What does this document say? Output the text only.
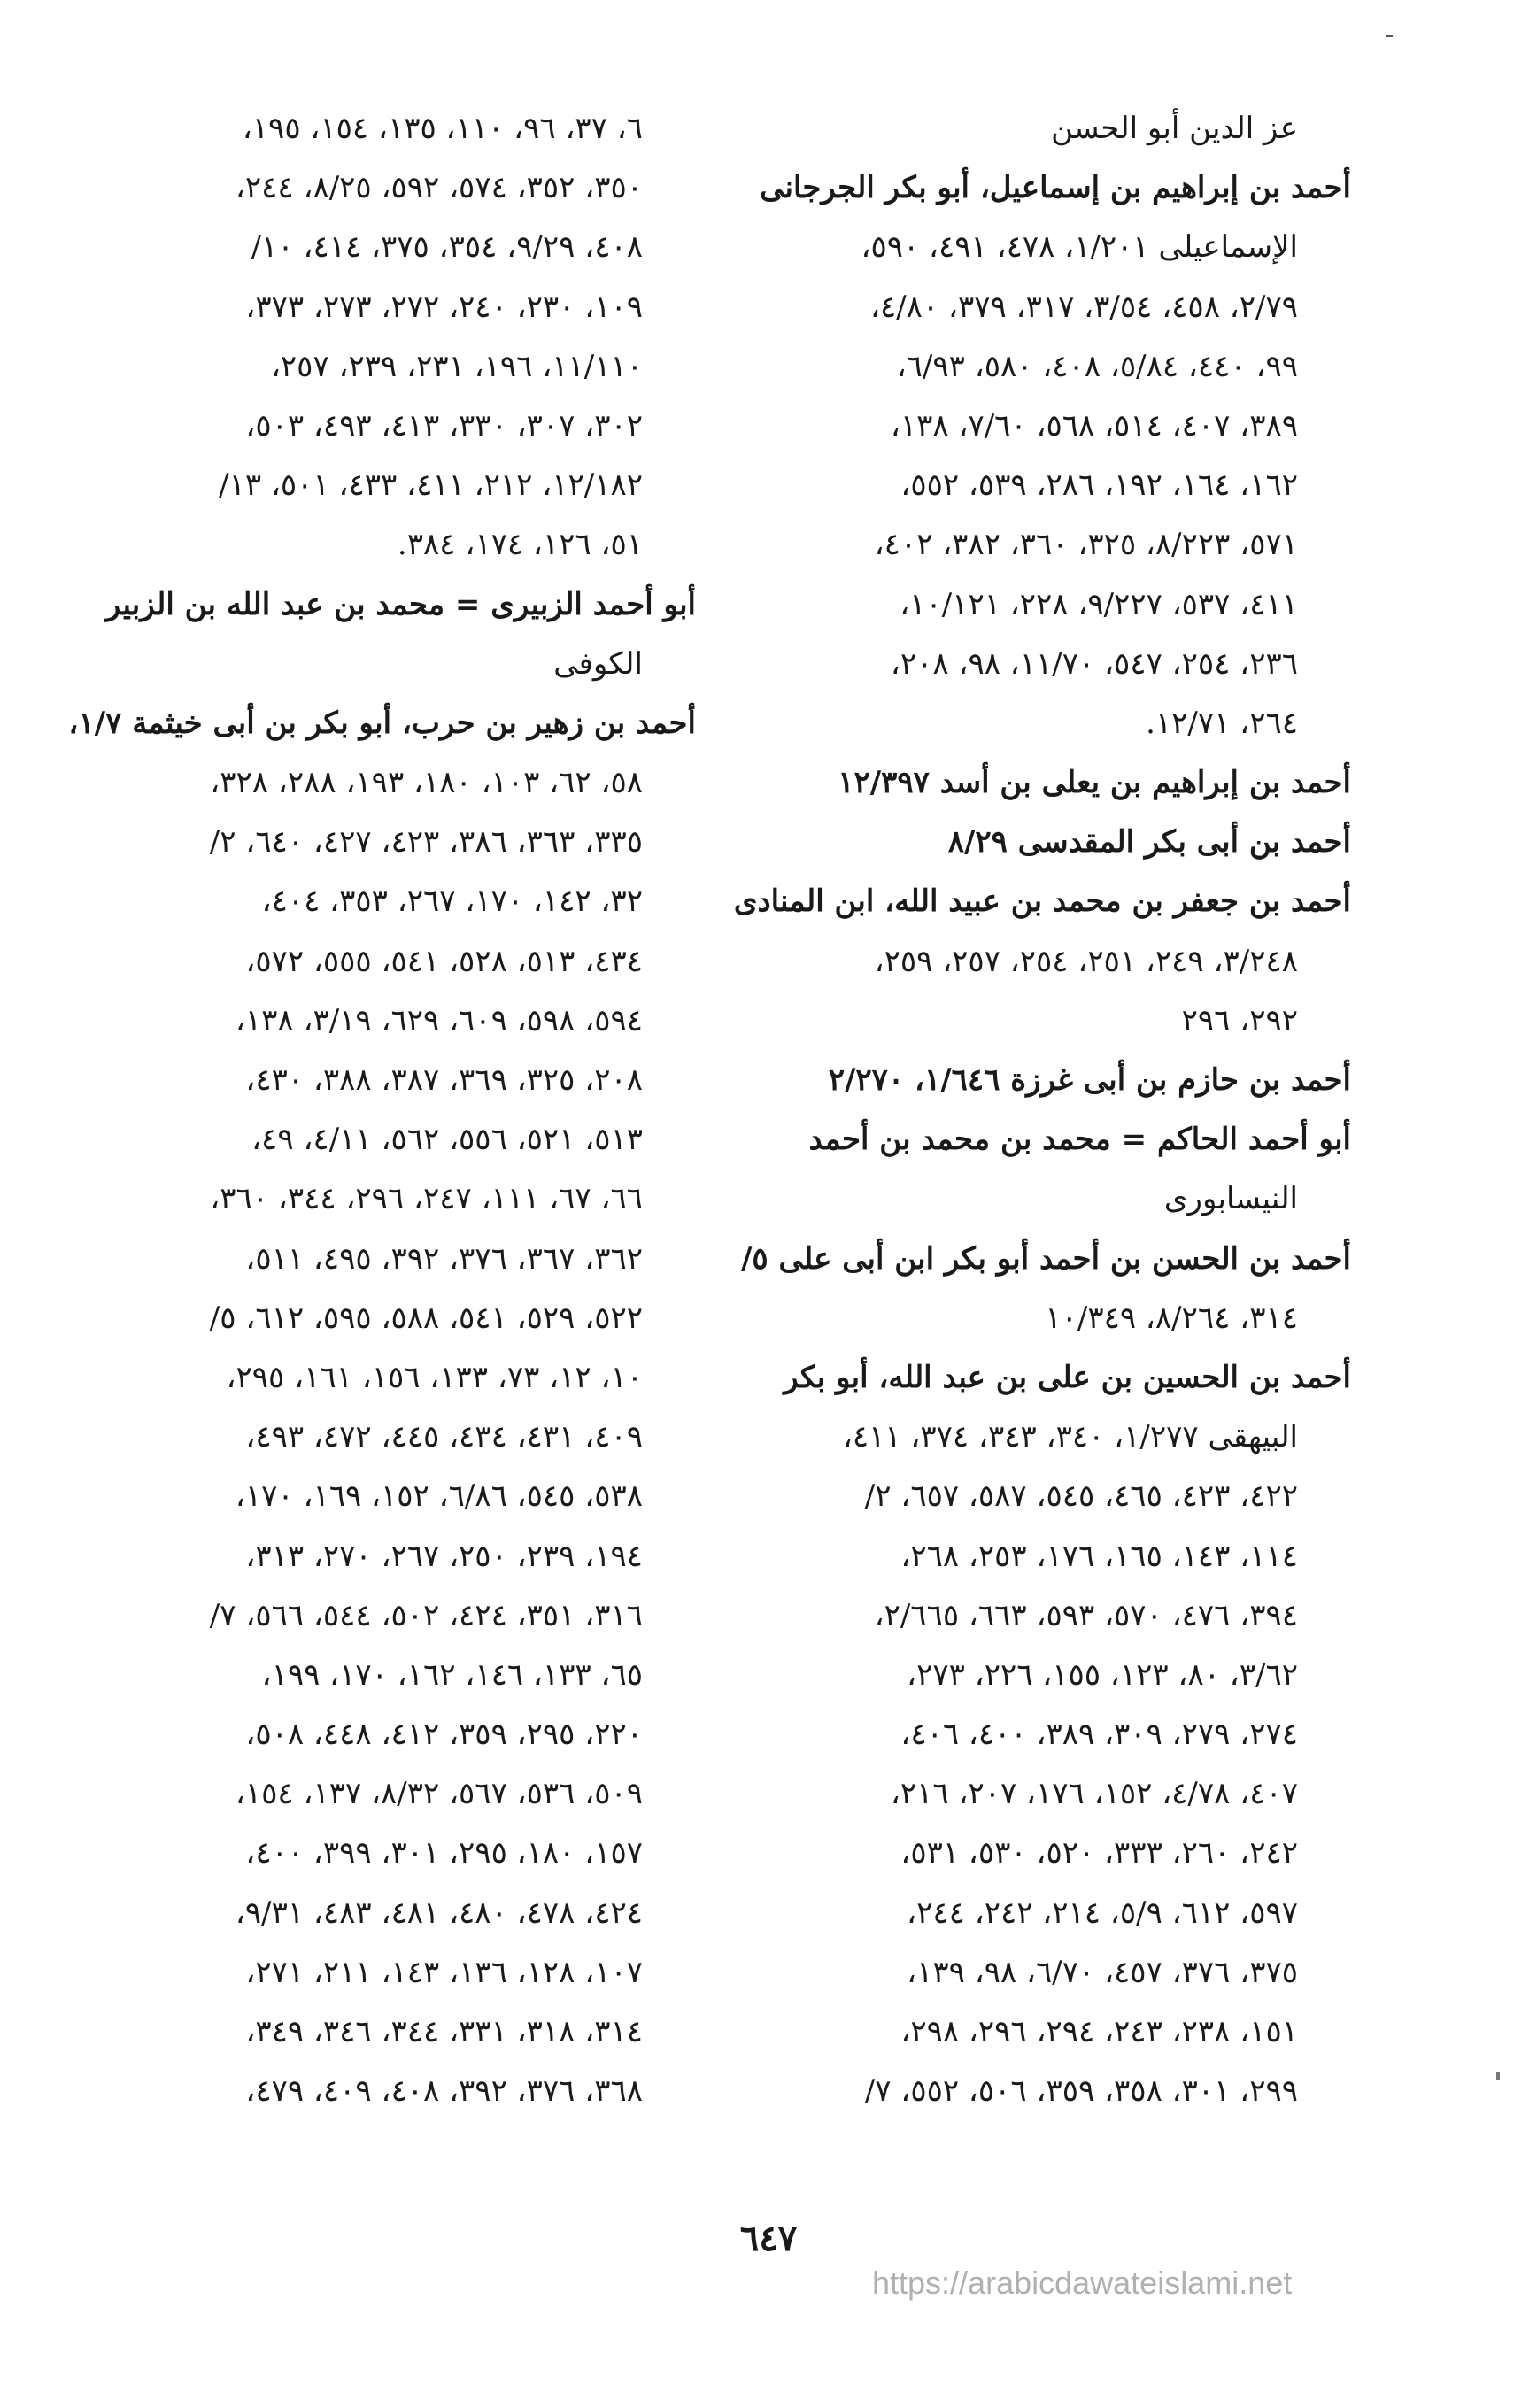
عز الدين أبو الحسن
أحمد بن إبراهيم بن إسماعيل، أبو بكر الجرجانى
الإسماعيلى ١/٢٠١، ٤٧٨، ٤٩١، ٥٩٠،
٢/٧٩، ٤٥٨، ٣/٥٤، ٣١٧، ٣٧٩، ٤/٨٠،
٩٩، ٤٤٠، ٥/٨٤، ٤٠٨، ٥٨٠، ٦/٩٣،
٣٨٩، ٤٠٧، ٥١٤، ٥٦٨، ٧/٦٠، ١٣٨،
١٦٢، ١٦٤، ١٩٢، ٢٨٦، ٥٣٩، ٥٥٢،
٥٧١، ٨/٢٢٣، ٣٢٥، ٣٦٠، ٣٨٢، ٤٠٢،
٤١١، ٥٣٧، ٩/٢٢٧، ٢٢٨، ١٠/١٢١،
٢٣٦، ٢٥٤، ٥٤٧، ١١/٧٠، ٩٨، ٢٠٨،
٢٦٤، ١٢/٧١.
أحمد بن إبراهيم بن يعلى بن أسد ١٢/٣٩٧
أحمد بن أبى بكر المقدسى ٨/٢٩
أحمد بن جعفر بن محمد بن عبيد الله، ابن المنادى
٣/٢٤٨، ٢٤٩، ٢٥١، ٢٥٤، ٢٥٧، ٢٥٩،
٢٩٢، ٢٩٦
أحمد بن حازم بن أبى غرزة ١/٦٤٦، ٢/٢٧٠
أبو أحمد الحاكم = محمد بن محمد بن أحمد
النيسابورى
أحمد بن الحسن بن أحمد أبو بكر ابن أبى على ٥/
٣١٤، ٨/٢٦٤، ١٠/٣٤٩
أحمد بن الحسين بن على بن عبد الله، أبو بكر
البيهقى ١/٢٧٧، ٣٤٠، ٣٤٣، ٣٧٤، ٤١١،
٤٢٢، ٤٢٣، ٤٦٥، ٥٤٥، ٥٨٧، ٦٥٧، ٢/
١١٤، ١٤٣، ١٦٥، ١٧٦، ٢٥٣، ٢٦٨،
٣٩٤، ٤٧٦، ٥٧٠، ٥٩٣، ٦٦٣، ٢/٦٦٥،
٣/٦٢، ٨٠، ١٢٣، ١٥٥، ٢٢٦، ٢٧٣،
٢٧٤، ٢٧٩، ٣٠٩، ٣٨٩، ٤٠٠، ٤٠٦،
٤٠٧، ٤/٧٨، ١٥٢، ١٧٦، ٢٠٧، ٢١٦،
٢٤٢، ٢٦٠، ٣٣٣، ٥٢٠، ٥٣٠، ٥٣١،
٥٩٧، ٦١٢، ٥/٩، ٢١٤، ٢٤٢، ٢٤٤،
٣٧٥، ٣٧٦، ٤٥٧، ٦/٧٠، ٩٨، ١٣٩،
١٥١، ٢٣٨، ٢٤٣، ٢٩٤، ٢٩٦، ٢٩٨،
٢٩٩، ٣٠١، ٣٥٨، ٣٥٩، ٥٠٦، ٥٥٢، ٧/
٦، ٣٧، ٩٦، ١١٠، ١٣٥، ١٥٤، ١٩٥،
٣٥٠، ٣٥٢، ٥٧٤، ٥٩٢، ٨/٢٥، ٢٤٤،
٤٠٨، ٩/٢٩، ٣٥٤، ٣٧٥، ٤١٤، ١٠/
١٠٩، ٢٣٠، ٢٤٠، ٢٧٢، ٢٧٣، ٣٧٣،
١١/١١٠، ١٩٦، ٢٣١، ٢٣٩، ٢٥٧،
٣٠٢، ٣٠٧، ٣٣٠، ٤١٣، ٤٩٣، ٥٠٣،
١٢/١٨٢، ٢١٢، ٤١١، ٤٣٣، ٥٠١، ١٣/
٥١، ١٢٦، ١٧٤، ٣٨٤.
أبو أحمد الزبيرى = محمد بن عبد الله بن الزبير
الكوفى
أحمد بن زهير بن حرب، أبو بكر بن أبى خيثمة ١/٧،
٥٨، ٦٢، ١٠٣، ١٨٠، ١٩٣، ٢٨٨، ٣٢٨،
٣٣٥، ٣٦٣، ٣٨٦، ٤٢٣، ٤٢٧، ٦٤٠، ٢/
٣٢، ١٤٢، ١٧٠، ٢٦٧، ٣٥٣، ٤٠٤،
٤٣٤، ٥١٣، ٥٢٨، ٥٤١، ٥٥٥، ٥٧٢،
٥٩٤، ٥٩٨، ٦٠٩، ٦٢٩، ٣/١٩، ١٣٨،
٢٠٨، ٣٢٥، ٣٦٩، ٣٨٧، ٣٨٨، ٤٣٠،
٥١٣، ٥٢١، ٥٥٦، ٥٦٢، ٤/١١، ٤٩،
٦٦، ٦٧، ١١١، ٢٤٧، ٢٩٦، ٣٤٤، ٣٦٠،
٣٦٢، ٣٦٧، ٣٧٦، ٣٩٢، ٤٩٥، ٥١١،
٥٢٢، ٥٢٩، ٥٤١، ٥٨٨، ٥٩٥، ٦١٢، ٥/
١٠، ١٢، ٧٣، ١٣٣، ١٥٦، ١٦١، ٢٩٥،
٤٠٩، ٤٣١، ٤٣٤، ٤٤٥، ٤٧٢، ٤٩٣،
٥٣٨، ٥٤٥، ٦/٨٦، ١٥٢، ١٦٩، ١٧٠،
١٩٤، ٢٣٩، ٢٥٠، ٢٦٧، ٢٧٠، ٣١٣،
٣١٦، ٣٥١، ٤٢٤، ٥٠٢، ٥٤٤، ٥٦٦، ٧/
٦٥، ١٣٣، ١٤٦، ١٦٢، ١٧٠، ١٩٩،
٢٢٠، ٢٩٥، ٣٥٩، ٤١٢، ٤٤٨، ٥٠٨،
٥٠٩، ٥٣٦، ٥٦٧، ٨/٣٢، ١٣٧، ١٥٤،
١٥٧، ١٨٠، ٢٩٥، ٣٠١، ٣٩٩، ٤٠٠،
٤٢٤، ٤٧٨، ٤٨٠، ٤٨١، ٤٨٣، ٩/٣١،
١٠٧، ١٢٨، ١٣٦، ١٤٣، ٢١١، ٢٧١،
٣١٤، ٣١٨، ٣٣١، ٣٤٤، ٣٤٦، ٣٤٩،
٣٦٨، ٣٧٦، ٣٩٢، ٤٠٨، ٤٠٩، ٤٧٩،
٦٤٧
https://arabicdawateislami.net
